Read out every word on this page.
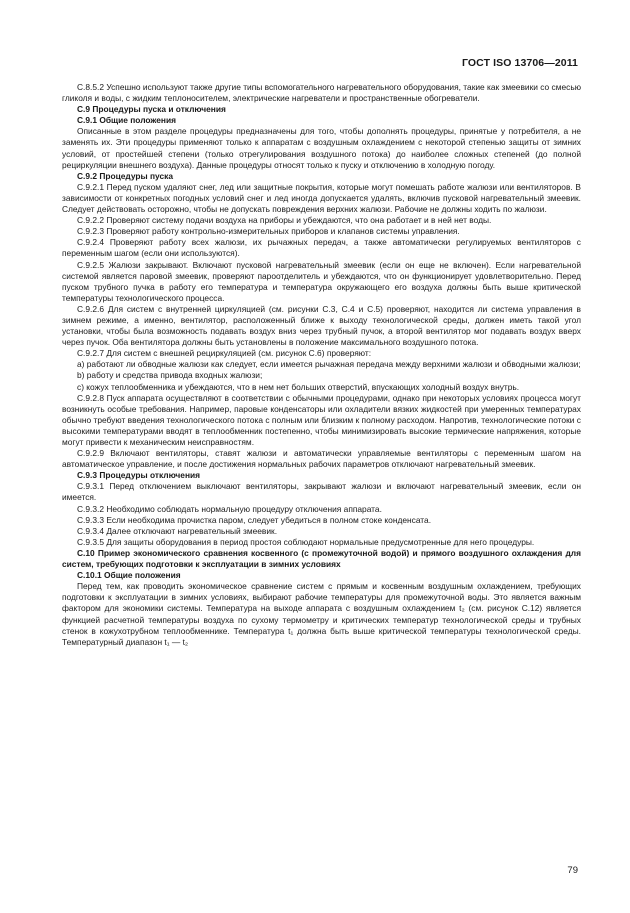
ГОСТ ISO 13706—2011

С.8.5.2 Успешно используют также другие типы вспомогательного нагревательного оборудования, такие как змеевики со смесью гликоля и воды, с жидким теплоносителем, электрические нагреватели и пространственные обогреватели.

С.9 Процедуры пуска и отключения

С.9.1 Общие положения

Описанные в этом разделе процедуры предназначены для того, чтобы дополнять процедуры, принятые у потребителя, а не заменять их. Эти процедуры применяют только к аппаратам с воздушным охлаждением с некоторой степенью защиты от зимних условий, от простейшей степени (только отрегулирования воздушного потока) до наиболее сложных степеней (до полной рециркуляции внешнего воздуха). Данные процедуры относят только к пуску и отключению в холодную погоду.

С.9.2 Процедуры пуска

С.9.2.1 Перед пуском удаляют снег, лед или защитные покрытия, которые могут помешать работе жалюзи или вентиляторов. В зависимости от конкретных погодных условий снег и лед иногда допускается удалять, включив пусковой нагревательный змеевик. Следует действовать осторожно, чтобы не допускать повреждения верхних жалюзи. Рабочие не должны ходить по жалюзи.

С.9.2.2 Проверяют систему подачи воздуха на приборы и убеждаются, что она работает и в ней нет воды.

С.9.2.3 Проверяют работу контрольно-измерительных приборов и клапанов системы управления.

С.9.2.4 Проверяют работу всех жалюзи, их рычажных передач, а также автоматически регулируемых вентиляторов с переменным шагом (если они используются).

С.9.2.5 Жалюзи закрывают. Включают пусковой нагревательный змеевик (если он еще не включен). Если нагревательной системой является паровой змеевик, проверяют пароотделитель и убеждаются, что он функционирует удовлетворительно. Перед пуском трубного пучка в работу его температура и температура окружающего его воздуха должны быть выше критической температуры технологического процесса.

С.9.2.6 Для систем с внутренней циркуляцией (см. рисунки С.3, С.4 и С.5) проверяют, находится ли система управления в зимнем режиме, а именно, вентилятор, расположенный ближе к выходу технологической среды, должен иметь такой угол установки, чтобы была возможность подавать воздух вниз через трубный пучок, а второй вентилятор мог подавать воздух вверх через пучок. Оба вентилятора должны быть установлены в положение максимального воздушного потока.

С.9.2.7 Для систем с внешней рециркуляцией (см. рисунок С.6) проверяют:

a) работают ли обводные жалюзи как следует, если имеется рычажная передача между верхними жалюзи и обводными жалюзи;

b) работу и средства привода входных жалюзи;

c) кожух теплообменника и убеждаются, что в нем нет больших отверстий, впускающих холодный воздух внутрь.

С.9.2.8 Пуск аппарата осуществляют в соответствии с обычными процедурами, однако при некоторых условиях процесса могут возникнуть особые требования. Например, паровые конденсаторы или охладители вязких жидкостей при умеренных температурах обычно требуют введения технологического потока с полным или близким к полному расходом. Напротив, технологические потоки с высокими температурами вводят в теплообменник постепенно, чтобы минимизировать высокие термические напряжения, которые могут привести к механическим неисправностям.

С.9.2.9 Включают вентиляторы, ставят жалюзи и автоматически управляемые вентиляторы с переменным шагом на автоматическое управление, и после достижения нормальных рабочих параметров отключают нагревательный змеевик.

С.9.3 Процедуры отключения

С.9.3.1 Перед отключением выключают вентиляторы, закрывают жалюзи и включают нагревательный змеевик, если он имеется.

С.9.3.2 Необходимо соблюдать нормальную процедуру отключения аппарата.

С.9.3.3 Если необходима прочистка паром, следует убедиться в полном стоке конденсата.

С.9.3.4 Далее отключают нагревательный змеевик.

С.9.3.5 Для защиты оборудования в период простоя соблюдают нормальные предусмотренные для него процедуры.

С.10 Пример экономического сравнения косвенного (с промежуточной водой) и прямого воздушного охлаждения для систем, требующих подготовки к эксплуатации в зимних условиях

С.10.1 Общие положения

Перед тем, как проводить экономическое сравнение систем с прямым и косвенным воздушным охлаждением, требующих подготовки к эксплуатации в зимних условиях, выбирают рабочие температуры для промежуточной воды. Это является важным фактором для экономики системы. Температура на выходе аппарата с воздушным охлаждением t₂ (см. рисунок С.12) является функцией расчетной температуры воздуха по сухому термометру и критических температур технологической среды и трубных стенок в кожухотрубном теплообменнике. Температура t₁ должна быть выше критической температуры технологической среды. Температурный диапазон t₁ — t₂

79
